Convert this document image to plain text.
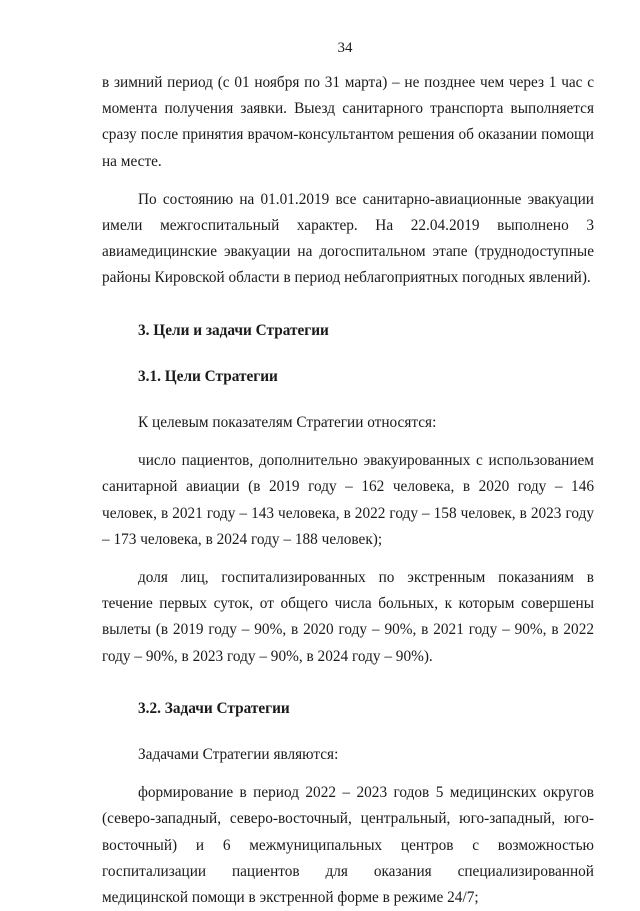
34

в зимний период (с 01 ноября по 31 марта) – не позднее чем через 1 час с момента получения заявки. Выезд санитарного транспорта выполняется сразу после принятия врачом-консультантом решения об оказании помощи на месте.

По состоянию на 01.01.2019 все санитарно-авиационные эвакуации имели межгоспитальный характер. На 22.04.2019 выполнено 3 авиамедицинские эвакуации на догоспитальном этапе (труднодоступные районы Кировской области в период неблагоприятных погодных явлений).

3. Цели и задачи Стратегии

3.1. Цели Стратегии

К целевым показателям Стратегии относятся:

число пациентов, дополнительно эвакуированных с использованием санитарной авиации (в 2019 году – 162 человека, в 2020 году – 146 человек, в 2021 году – 143 человека, в 2022 году – 158 человек, в 2023 году – 173 человека, в 2024 году – 188 человек);

доля лиц, госпитализированных по экстренным показаниям в течение первых суток, от общего числа больных, к которым совершены вылеты (в 2019 году – 90%, в 2020 году – 90%, в 2021 году – 90%, в 2022 году – 90%, в 2023 году – 90%, в 2024 году – 90%).

3.2. Задачи Стратегии

Задачами Стратегии являются:

формирование в период 2022 – 2023 годов 5 медицинских округов (северо-западный, северо-восточный, центральный, юго-западный, юго-восточный) и 6 межмуниципальных центров с возможностью госпитализации пациентов для оказания специализированной медицинской помощи в экстренной форме в режиме 24/7;
